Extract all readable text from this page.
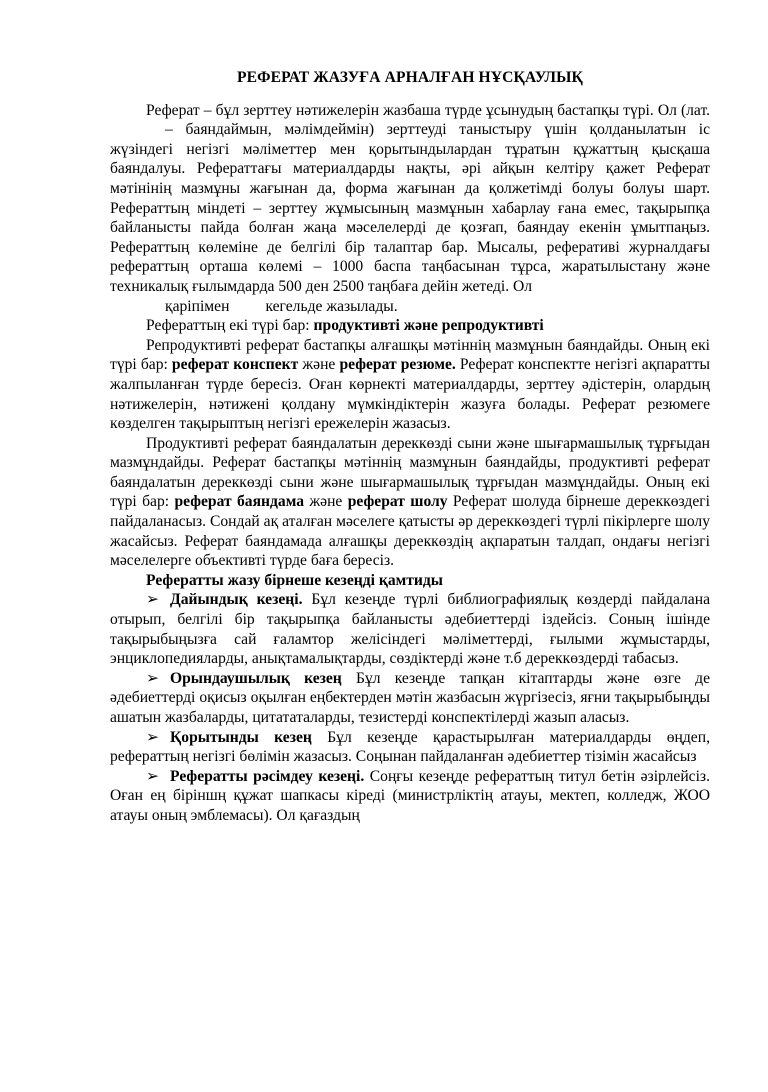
РЕФЕРАТ ЖАЗУҒА АРНАЛҒАН НҰСҚАУЛЫҚ

Реферат – бұл зерттеу нәтижелерін жазбаша түрде ұсынудың бастапқы түрі. Ол (лат.– баяндаймын, мәлімдеймін) зерттеуді таныстыру үшін қолданылатын іс жүзіндегі негізгі мәліметтер мен қорытындылардан тұратын құжаттың қысқаша баяндалуы. Рефераттағы материалдарды нақты, әрі айқын келтіру қажет Реферат мәтінінің мазмұны жағынан да, форма жағынан да қолжетімді болуы болуы шарт. Рефераттың міндеті – зерттеу жұмысының мазмұнын хабарлау ғана емес, тақырыпқа байланысты пайда болған жаңа мәселелерді де қозғап, баяндау екенін ұмытпаңыз. Рефераттың көлеміне де белгілі бір талаптар бар. Мысалы, реферативі журналдағы рефераттың орташа көлемі – 1000 баспа таңбасынан тұрса, жаратылыстану және техникалық ғылымдарда 500 ден 2500 таңбаға дейін жетеді. Ол
қаріпімен кегельде жазылады.

Рефераттың екі түрі бар: продуктивті және репродуктивті

Репродуктивті реферат бастапқы алғашқы мәтіннің мазмұнын баяндайды. Оның екі түрі бар: реферат конспект және реферат резюме. Реферат конспектте негізгі ақпаратты жалпыланған түрде бересіз. Оған көрнекті материалдарды, зерттеу әдістерін, олардың нәтижелерін, нәтижені қолдану мүмкіндіктерін жазуға болады. Реферат резюмеге көзделген тақырыптың негізгі ережелерін жазасыз.

Продуктивті реферат баяндалатын дереккөзді сыни және шығармашылық тұрғыдан мазмұндайды. Реферат бастапқы мәтіннің мазмұнын баяндайды, продуктивті реферат баяндалатын дереккөзді сыни және шығармашылық тұрғыдан мазмұндайды. Оның екі түрі бар: реферат баяндама және реферат шолу Реферат шолуда бірнеше дереккөздегі пайдаланасыз. Сондай ақ аталған мәселеге қатысты әр дереккөздегі түрлі пікірлерге шолу жасайсыз. Реферат баяндамада алғашқы дереккөздің ақпаратын талдап, ондағы негізгі мәселелерге объективті түрде баға бересіз.

Рефератты жазу бірнеше кезеңді қамтиды

➢ Дайындық кезеңі. Бұл кезеңде түрлі библиографиялық көздерді пайдалана отырып, белгілі бір тақырыпқа байланысты әдебиеттерді іздейсіз. Соның ішінде тақырыбыңызға сай ғаламтор желісіндегі мәліметтерді, ғылыми жұмыстарды, энциклопедияларды, анықтамалықтарды, сөздіктерді және т.б дереккөздерді табасыз.

➢ Орындаушылық кезең Бұл кезеңде тапқан кітаптарды және өзге де әдебиеттерді оқисыз оқылған еңбектерден мәтін жазбасын жүргізесіз, яғни тақырыбыңды ашатын жазбаларды, цитататаларды, тезистерді конспектілерді жазып аласыз.

➢ Қорытынды кезең Бұл кезеңде қарастырылған материалдарды өңдеп, рефераттың негізгі бөлімін жазасыз. Соңынан пайдаланған әдебиеттер тізімін жасайсыз

➢ Рефератты рәсімдеу кезеңі. Соңғы кезеңде рефераттың титул бетін әзірлейсіз. Оған ең біріншң құжат шапкасы кіреді (министрліктің атауы, мектеп, колледж, ЖОО атауы оның эмблемасы). Ол қағаздың
